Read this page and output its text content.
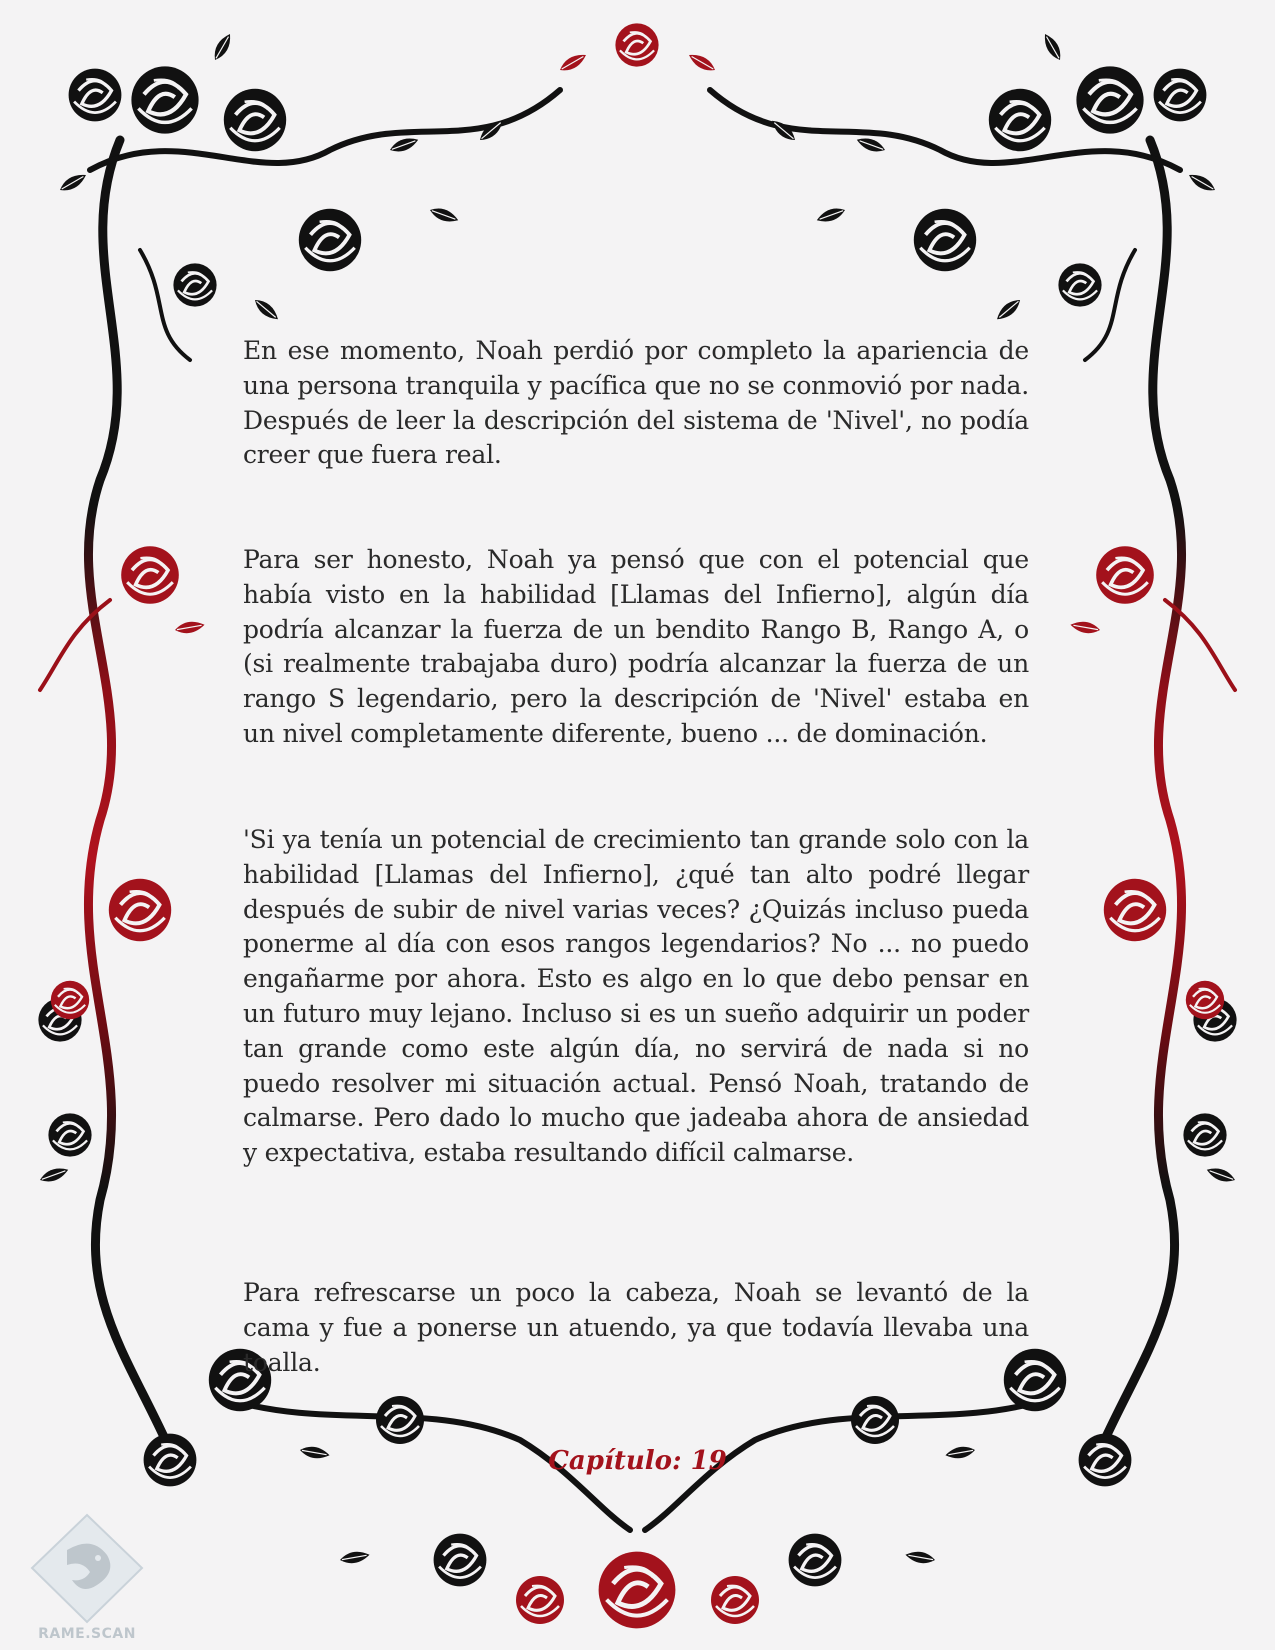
En ese momento, Noah perdió por completo la apariencia de una persona tranquila y pacífica que no se conmovió por nada. Después de leer la descripción del sistema de 'Nivel', no podía creer que fuera real.

Para ser honesto, Noah ya pensó que con el potencial que había visto en la habilidad [Llamas del Infierno], algún día podría alcanzar la fuerza de un bendito Rango B, Rango A, o (si realmente trabajaba duro) podría alcanzar la fuerza de un rango S legendario, pero la descripción de 'Nivel' estaba en un nivel completamente diferente, bueno ... de dominación.

'Si ya tenía un potencial de crecimiento tan grande solo con la habilidad [Llamas del Infierno], ¿qué tan alto podré llegar después de subir de nivel varias veces? ¿Quizás incluso pueda ponerme al día con esos rangos legendarios? No ... no puedo engañarme por ahora. Esto es algo en lo que debo pensar en un futuro muy lejano. Incluso si es un sueño adquirir un poder tan grande como este algún día, no servirá de nada si no puedo resolver mi situación actual. Pensó Noah, tratando de calmarse. Pero dado lo mucho que jadeaba ahora de ansiedad y expectativa, estaba resultando difícil calmarse.

Para refrescarse un poco la cabeza, Noah se levantó de la cama y fue a ponerse un atuendo, ya que todavía llevaba una toalla.

Capítulo: 19
RAME.SCAN
